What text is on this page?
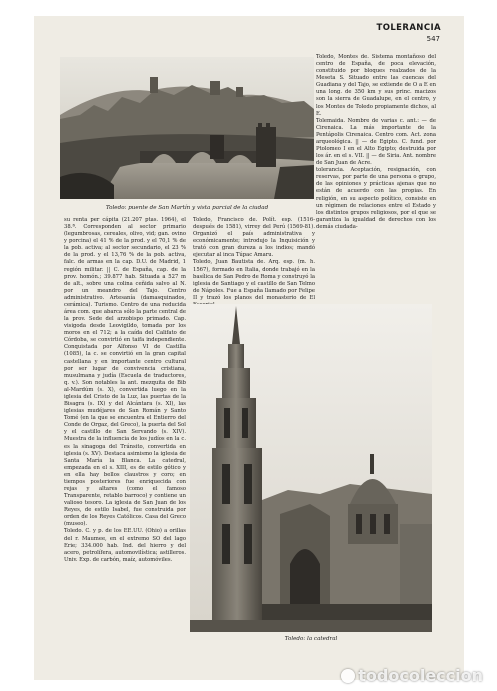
TOLERANCIA
547
Toledo: puente de San Martín y vista parcial de la ciudad

su renta per cápita (21.207 ptas. 1964), el 38.ª. Corresponden al sector primario (legumbrosas, cereales, olivo, vid; gan. ovino y porcina) el 41 % de la prod. y el 70,1 % de la pob. activa; al sector secundario, el 23 % de la prod. y el 13,76 % de la pob. activa, falc. de armas en la cap. D.U. de Madrid, 1 región militar. || C. de España, cap. de la prov. homón.; 39.877 hab. Situada a 527 m de alt., sobre una colina ceñida salvo al N. por un meandro del Tajo. Centro administrativo. Artesanía (damasquinados, cerámica). Turismo. Centro de una reducida área com. que abarca sólo la parte central de la prov. Sede del arzobispo primado. Cap. visigoda desde Leovigildo, tomada por los moros en el 712; a la caída del Califato de Córdoba, se convirtió en taifa independiente. Conquistada por Alfonso VI de Castilla (1085), la c. se convirtió en la gran capital castellana y en importante centro cultural por ser lugar de convivencia cristiana, musulmana y judía (Escuela de traductores, q. v.). Son notables la ant. mezquita de Bib al-Mardúm (s. X), convertida luego en la iglesia del Cristo de la Luz, las puertas de la Bisagra (s. IX) y del Alcántara (s. XI), las iglesias mudéjares de San Román y Santo Tomé (en la que se encuentra el Entierro del Conde de Orgaz, del Greco), la puerta del Sol y el castillo de San Servando (s. XIV). Muestra de la influencia de los judíos en la c. es la sinagoga del Tránsito, convertida en iglesia (s. XV). Destaca asimismo la iglesia de Santa María la Blanca. La catedral, empezada en el s. XIII, es de estilo gótico y en ella hay bellos claustros y coro; en tiempos posteriores fue enriquecida con rejas y altares (como el famoso Transparente, retablo barroco) y contiene un valioso tesoro. La iglesia de San Juan de los Reyes, de estilo Isabel, fue construida por orden de los Reyes Católicos. Casa del Greco (museo).

Toledo. C. y p. de los EE.UU. (Ohio) a orillas del r. Maumee, en el extremo SO del lago Erie; 334.000 hab. Ind. del hierro y del acero, petrolífera, automovilística; astilleros. Univ. Exp. de carbón, maíz, automóviles.

Toledo, Francisco de. Polít. esp. (1516-después de 1581), virrey del Perú (1569-81). Organizó el país administrativa y económicamente; introdujo la Inquisición y trató con gran dureza a los indios; mandó ejecutar al inca Túpac Amaru.

Toledo, Juan Bautista de. Arq. esp. (m. h. 1567), formado en Italia, donde trabajó en la basílica de San Pedro de Roma y construyó la iglesia de Santiago y el castillo de San Telmo de Nápoles. Fue a España llamado por Felipe II y trazó los planos del monasterio de El

Toledo, Montes de. Sistema montañoso del centro de España, de poca elevación, constituido por bloques realzados de la Meseta S. Situado entre las cuencas del Guadiana y del Tajo, se extiende de O a E en una long. de 350 km y sus princ. macizos son la sierra de Guadalupe, en el centro, y los Montes de Toledo propiamente dichos, al E.

Tolemaida. Nombre de varias c. ant.: — de Cirenaica. La más importante de la Pentápolis Cirenaica. Centro com. Act. zona arqueológica. || — de Egipto. C. fund. por Ptolomeo I en el Alto Egipto; destruida por los ár. en el s. VII. || — de Siria. Ant. nombre de San Juan de Acre.

tolerancia. Aceptación, resignación, con reservas, por parte de una persona o grupo, de las opiniones y prácticas ajenas que no están de acuerdo con las propias. En religión, en su aspecto político, consiste en un régimen de relaciones entre el Estado y los distintos grupos religiosos, por el que se garantiza la igualdad de derechos con los demás ciudada-

Toledo: la catedral
todocoleccion
